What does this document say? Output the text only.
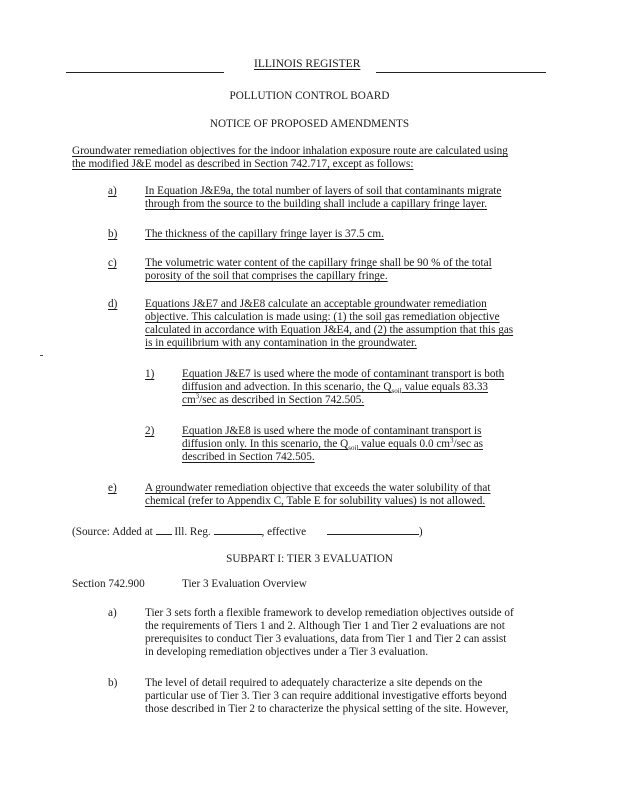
ILLINOIS REGISTER
POLLUTION CONTROL BOARD
NOTICE OF PROPOSED AMENDMENTS
Groundwater remediation objectives for the indoor inhalation exposure route are calculated using
the modified J&E model as described in Section 742.717, except as follows:
a)	In Equation J&E9a, the total number of layers of soil that contaminants migrate
through from the source to the building shall include a capillary fringe layer.
b) The thickness of the capillary fringe layer is 37.5 cm.
c)	The volumetric water content of the capillary fringe shall be 90 % of the total
porosity of the soil that comprises the capillary fringe.
d) Equations J&E7 and J&E8 calculate an acceptable groundwater remediation
objective. This calculation is made using: (1) the soil gas remediation objective
calculated in accordance with Equation J&E4, and (2) the assumption that this gas
is in equilibrium with any contamination in the groundwater.
1) Equation J&E7 is used where the mode of contaminant transport is both
diffusion and advection. In this scenario, the $Q_{soil}$ value equals 83.33
$cm^3/\sec$ as described in Section 742.505.
2) Equation J&E8 is used where the mode of contaminant transport is
diffusion only. In this scenario, the $Q_{soil}$ value equals 0.0 $cm^3/\sec$ as
described in Section 742.505.
e)	A groundwater remediation objective that exceeds the water solubility of that
chemical (refer to Appendix C, Table E for solubility values) is not allowed.
(Source: Added at  Ill. Reg.	, effective	)
SUBPART I: TIER 3 EVALUATION
Section 742.900	Tier 3 Evaluation Overview
a)	Tier 3 sets forth a flexible framework to develop remediation objectives outside of
the requirements of Tiers 1 and 2. Although Tier 1 and Tier 2 evaluations are not
prerequisites to conduct Tier 3 evaluations, data from Tier 1 and Tier 2 can assist
in developing remediation objectives under a Tier 3 evaluation.
b) The level of detail required to adequately characterize a site depends on the
particular use of Tier 3. Tier 3 can require additional investigative efforts beyond
those described in Tier 2 to characterize the physical setting of the site. However,
